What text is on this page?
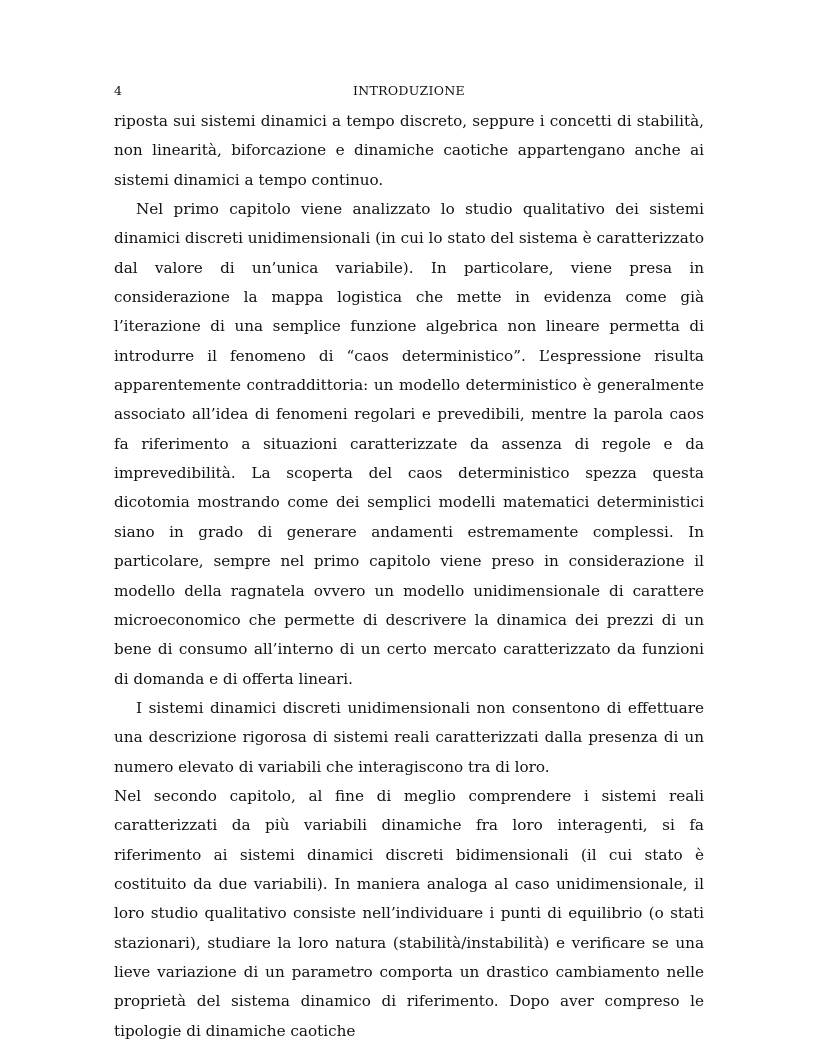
4	INTRODUZIONE

riposta sui sistemi dinamici a tempo discreto, seppure i concetti di stabilità, non linearità, biforcazione e dinamiche caotiche appartengano anche ai sistemi dinamici a tempo continuo.

Nel primo capitolo viene analizzato lo studio qualitativo dei sistemi dinamici discreti unidimensionali (in cui lo stato del sistema è caratterizzato dal valore di un’unica variabile). In particolare, viene presa in considerazione la mappa logistica che mette in evidenza come già l’iterazione di una semplice funzione algebrica non lineare permetta di introdurre il fenomeno di “caos deterministico”. L’espressione risulta apparentemente contraddittoria: un modello deterministico è generalmente associato all’idea di fenomeni regolari e prevedibili, mentre la parola caos fa riferimento a situazioni caratterizzate da assenza di regole e da imprevedibilità. La scoperta del caos deterministico spezza questa dicotomia mostrando come dei semplici modelli matematici deterministici siano in grado di generare andamenti estremamente complessi. In particolare, sempre nel primo capitolo viene preso in considerazione il modello della ragnatela ovvero un modello unidimensionale di carattere microeconomico che permette di descrivere la dinamica dei prezzi di un bene di consumo all’interno di un certo mercato caratterizzato da funzioni di domanda e di offerta lineari.

I sistemi dinamici discreti unidimensionali non consentono di effettuare una descrizione rigorosa di sistemi reali caratterizzati dalla presenza di un numero elevato di variabili che interagiscono tra di loro.

Nel secondo capitolo, al fine di meglio comprendere i sistemi reali caratterizzati da più variabili dinamiche fra loro interagenti, si fa riferimento ai sistemi dinamici discreti bidimensionali (il cui stato è costituito da due variabili). In maniera analoga al caso unidimensionale, il loro studio qualitativo consiste nell’individuare i punti di equilibrio (o stati stazionari), studiare la loro natura (stabilità/instabilità) e verificare se una lieve variazione di un parametro comporta un drastico cambiamento nelle proprietà del sistema dinamico di riferimento. Dopo aver compreso le tipologie di dinamiche caotiche
